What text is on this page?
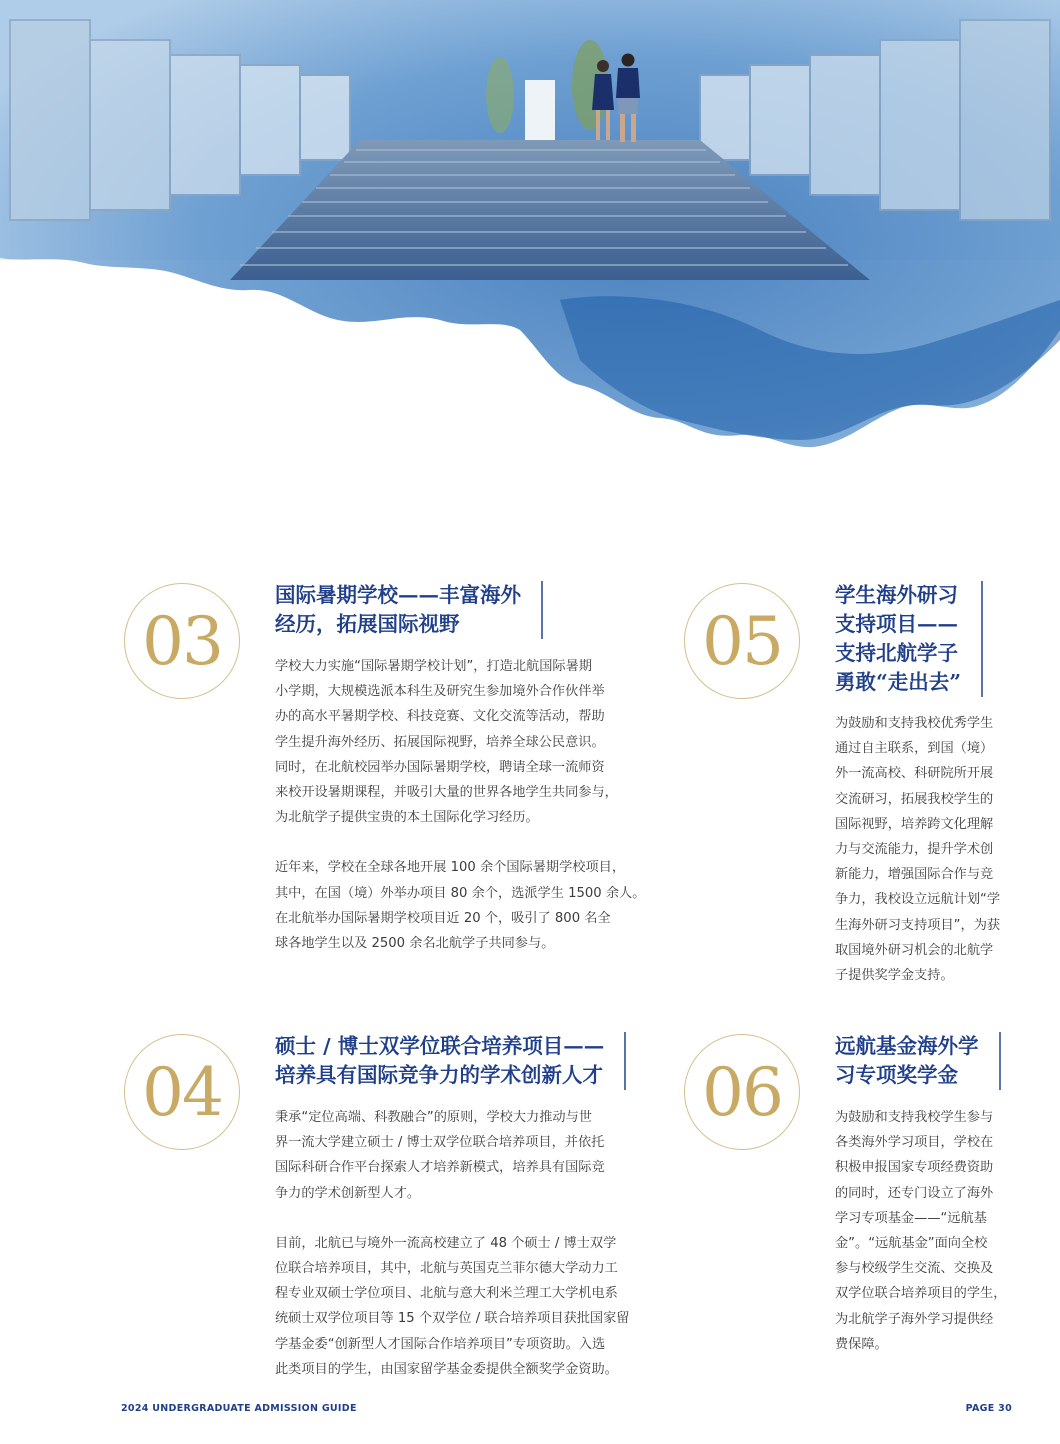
03
国际暑期学校——丰富海外
经历，拓展国际视野

学校大力实施“国际暑期学校计划”，打造北航国际暑期
小学期，大规模选派本科生及研究生参加境外合作伙伴举
办的高水平暑期学校、科技竞赛、文化交流等活动，帮助
学生提升海外经历、拓展国际视野，培养全球公民意识。
同时，在北航校园举办国际暑期学校，聘请全球一流师资
来校开设暑期课程，并吸引大量的世界各地学生共同参与，
为北航学子提供宝贵的本土国际化学习经历。

近年来，学校在全球各地开展 100 余个国际暑期学校项目，
其中，在国（境）外举办项目 80 余个，选派学生 1500 余人。
在北航举办国际暑期学校项目近 20 个，吸引了 800 名全
球各地学生以及 2500 余名北航学子共同参与。

05
学生海外研习
支持项目——
支持北航学子
勇敢“走出去”

为鼓励和支持我校优秀学生
通过自主联系，到国（境）
外一流高校、科研院所开展
交流研习，拓展我校学生的
国际视野，培养跨文化理解
力与交流能力，提升学术创
新能力，增强国际合作与竞
争力，我校设立远航计划“学
生海外研习支持项目”，为获
取国境外研习机会的北航学
子提供奖学金支持。

04
硕士 / 博士双学位联合培养项目——
培养具有国际竞争力的学术创新人才

秉承“定位高端、科教融合”的原则，学校大力推动与世
界一流大学建立硕士 / 博士双学位联合培养项目，并依托
国际科研合作平台探索人才培养新模式，培养具有国际竞
争力的学术创新型人才。

目前，北航已与境外一流高校建立了 48 个硕士 / 博士双学
位联合培养项目，其中，北航与英国克兰菲尔德大学动力工
程专业双硕士学位项目、北航与意大利米兰理工大学机电系
统硕士双学位项目等 15 个双学位 / 联合培养项目获批国家留
学基金委“创新型人才国际合作培养项目”专项资助。入选
此类项目的学生，由国家留学基金委提供全额奖学金资助。

06
远航基金海外学
习专项奖学金

为鼓励和支持我校学生参与
各类海外学习项目，学校在
积极申报国家专项经费资助
的同时，还专门设立了海外
学习专项基金——“远航基
金”。“远航基金”面向全校
参与校级学生交流、交换及
双学位联合培养项目的学生，
为北航学子海外学习提供经
费保障。

2024 UNDERGRADUATE ADMISSION GUIDE	PAGE 30
